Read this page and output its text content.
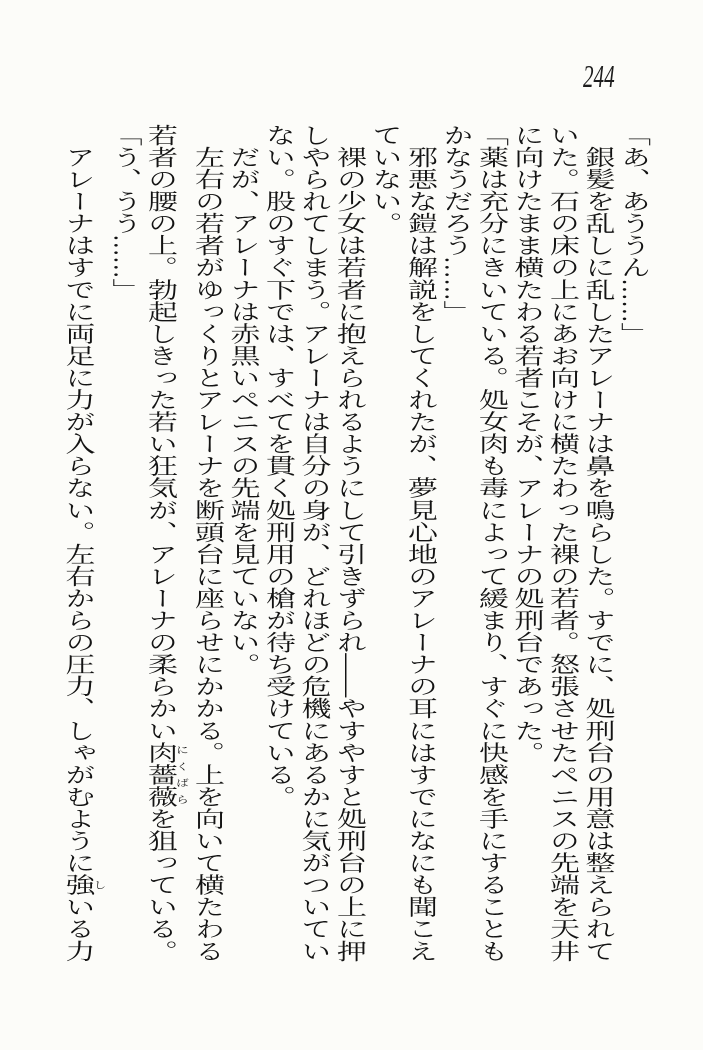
244
「あ、あううん……」
　銀髪を乱しに乱したアレーナは鼻を鳴らした。すでに、処刑台の用意は整えられて
いた。石の床の上にあお向けに横たわった裸の若者。怒張させたペニスの先端を天井
に向けたまま横たわる若者こそが、アレーナの処刑台であった。
「薬は充分にきいている。処女肉も毒によって緩まり、すぐに快感を手にすることも
かなうだろう……」
　邪悪な鎧は解説をしてくれたが、夢見心地のアレーナの耳にはすでになにも聞こえ
ていない。
　裸の少女は若者に抱えられるようにして引きずられ――やすやすと処刑台の上に押
しやられてしまう。アレーナは自分の身が、どれほどの危機にあるかに気がついてい
ない。股のすぐ下では、すべてを貫く処刑用の槍が待ち受けている。
　だが、アレーナは赤黒いペニスの先端を見ていない。
　左右の若者がゆっくりとアレーナを断頭台に座らせにかかる。上を向いて横たわる
若者の腰の上。勃起しきった若い狂気が、アレーナの柔らかい肉薔薇にくばらを狙っている。
「う、うう……」
　アレーナはすでに両足に力が入らない。左右からの圧力、しゃがむように強しいる力
